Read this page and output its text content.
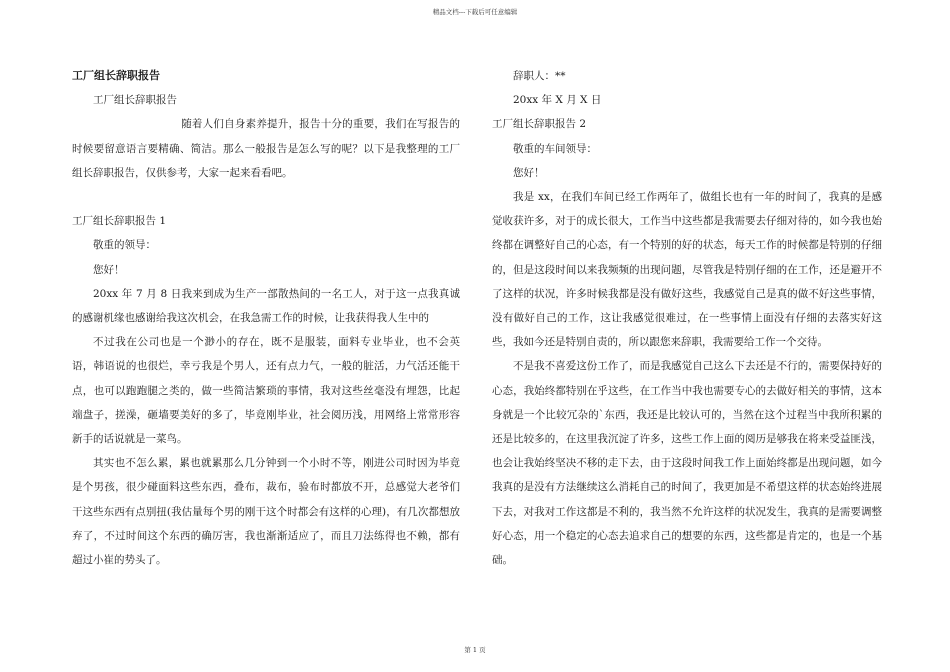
精品文档---下载后可任意编辑

工厂组长辞职报告

工厂组长辞职报告

随着人们自身素养提升，报告十分的重要，我们在写报告的时候要留意语言要精确、简洁。那么一般报告是怎么写的呢？以下是我整理的工厂组长辞职报告，仅供参考，大家一起来看看吧。

工厂组长辞职报告 1

敬重的领导：

您好！

20xx 年 7 月 8 日我来到成为生产一部散热间的一名工人，对于这一点我真诚的感谢机缘也感谢给我这次机会，在我急需工作的时候，让我获得我人生中的

不过我在公司也是一个渺小的存在，既不是服装，面料专业毕业，也不会英语，韩语说的也很烂，幸亏我是个男人，还有点力气，一般的脏活，力气活还能干点，也可以跑跑腿之类的，做一些简洁繁琐的事情，我对这些丝毫没有埋怨，比起端盘子，搓澡，砸墙要美好的多了，毕竟刚毕业，社会阅历浅，用网络上常常形容新手的话说就是一菜鸟。

其实也不怎么累，累也就累那么几分钟到一个小时不等，刚进公司时因为毕竟是个男孩，很少碰面料这些东西，叠布，裁布，验布时都放不开，总感觉大老爷们干这些东西有点别扭(我估量每个男的刚干这个时都会有这样的心理)，有几次都想放弃了，不过时间这个东西的确厉害，我也渐渐适应了，而且刀法练得也不赖，都有超过小崔的势头了。

辞职人：**

20xx 年 X 月 X 日

工厂组长辞职报告 2

敬重的车间领导：

您好！

我是 xx，在我们车间已经工作两年了，做组长也有一年的时间了，我真的是感觉收获许多，对于的成长很大，工作当中这些都是我需要去仔细对待的，如今我也始终都在调整好自己的心态，有一个特别的好的状态，每天工作的时候都是特别的仔细的，但是这段时间以来我频频的出现问题，尽管我是特别仔细的在工作，还是避开不了这样的状况，许多时候我都是没有做好这些，我感觉自己是真的做不好这些事情，没有做好自己的工作，这让我感觉很难过，在一些事情上面没有仔细的去落实好这些，我如今还是特别自责的，所以跟您来辞职，我需要给工作一个交待。

不是我不喜爱这份工作了，而是我感觉自己这么下去还是不行的，需要保持好的心态，我始终都特别在乎这些，在工作当中我也需要专心的去做好相关的事情，这本身就是一个比较冗杂的`东西，我还是比较认可的，当然在这个过程当中我所积累的还是比较多的，在这里我沉淀了许多，这些工作上面的阅历是够我在将来受益匪浅，也会让我始终坚决不移的走下去，由于这段时间我工作上面始终都是出现问题，如今我真的是没有方法继续这么消耗自己的时间了，我更加是不希望这样的状态始终进展下去，对我对工作这都是不利的，我当然不允许这样的状况发生，我真的是需要调整好心态，用一个稳定的心态去追求自己的想要的东西，这些都是肯定的，也是一个基础。

第 1 页
